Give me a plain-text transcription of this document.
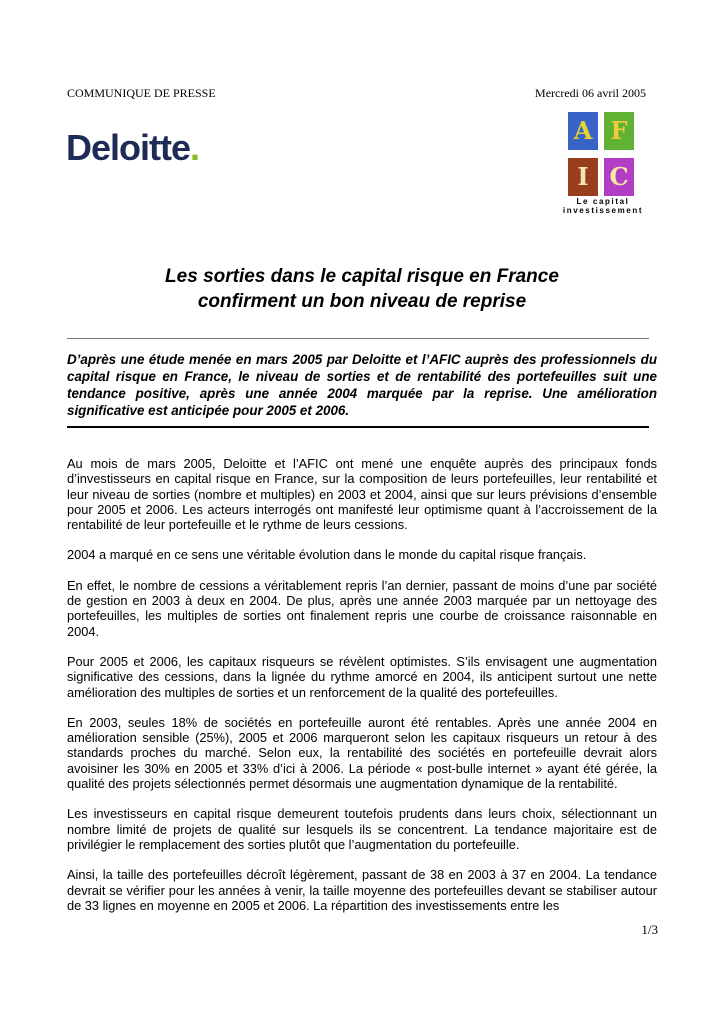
COMMUNIQUE DE PRESSE	Mercredi 06 avril 2005
Deloitte.	A F
I C
Le capital
investissement
Les sorties dans le capital risque en France
confirment un bon niveau de reprise

D’après une étude menée en mars 2005 par Deloitte et l’AFIC auprès des professionnels du capital risque en France, le niveau de sorties et de rentabilité des portefeuilles suit une tendance positive, après une année 2004 marquée par la reprise. Une amélioration significative est anticipée pour 2005 et 2006.

Au mois de mars 2005, Deloitte et l’AFIC ont mené une enquête auprès des principaux fonds d’investisseurs en capital risque en France, sur la composition de leurs portefeuilles, leur rentabilité et leur niveau de sorties (nombre et multiples) en 2003 et 2004, ainsi que sur leurs prévisions d’ensemble pour 2005 et 2006. Les acteurs interrogés ont manifesté leur optimisme quant à l’accroissement de la rentabilité de leur portefeuille et le rythme de leurs cessions.

2004 a marqué en ce sens une véritable évolution dans le monde du capital risque français.

En effet, le nombre de cessions a véritablement repris l’an dernier, passant de moins d’une par société de gestion en 2003 à deux en 2004. De plus, après une année 2003 marquée par un nettoyage des portefeuilles, les multiples de sorties ont finalement repris une courbe de croissance raisonnable en 2004.

Pour 2005 et 2006, les capitaux risqueurs se révèlent optimistes. S’ils envisagent une augmentation significative des cessions, dans la lignée du rythme amorcé en 2004, ils anticipent surtout une nette amélioration des multiples de sorties et un renforcement de la qualité des portefeuilles.

En 2003, seules 18% de sociétés en portefeuille auront été rentables. Après une année 2004 en amélioration sensible (25%), 2005 et 2006 marqueront selon les capitaux risqueurs un retour à des standards proches du marché. Selon eux, la rentabilité des sociétés en portefeuille devrait alors avoisiner les 30% en 2005 et 33% d’ici à 2006. La période « post-bulle internet » ayant été gérée, la qualité des projets sélectionnés permet désormais une augmentation dynamique de la rentabilité.

Les investisseurs en capital risque demeurent toutefois prudents dans leurs choix, sélectionnant un nombre limité de projets de qualité sur lesquels ils se concentrent. La tendance majoritaire est de privilégier le remplacement des sorties plutôt que l’augmentation du portefeuille.

Ainsi, la taille des portefeuilles décroît légèrement, passant de 38 en 2003 à 37 en 2004. La tendance devrait se vérifier pour les années à venir, la taille moyenne des portefeuilles devant se stabiliser autour de 33 lignes en moyenne en 2005 et 2006. La répartition des investissements entre les

1/3
